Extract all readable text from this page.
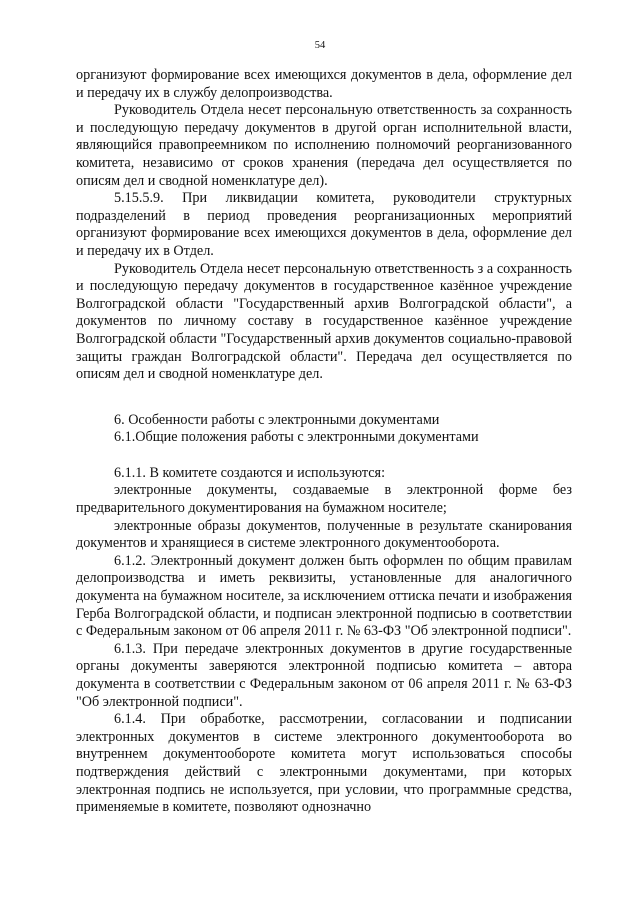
54

организуют формирование всех имеющихся документов в дела, оформление дел и передачу их в службу делопроизводства.

Руководитель Отдела несет персональную ответственность за сохранность и последующую передачу документов в другой орган исполнительной власти, являющийся правопреемником по исполнению полномочий реорганизованного комитета, независимо от сроков хранения (передача дел осуществляется по описям дел и сводной номенклатуре дел).

5.15.5.9. При ликвидации комитета, руководители структурных подразделений в период проведения реорганизационных мероприятий организуют формирование всех имеющихся документов в дела, оформление дел и передачу их в Отдел.

Руководитель Отдела несет персональную ответственность з а сохранность и последующую передачу документов в государственное казённое учреждение Волгоградской области "Государственный архив Волгоградской области", а документов по личному составу в государственное казённое учреждение Волгоградской области "Государственный архив документов социально-правовой защиты граждан Волгоградской области". Передача дел осуществляется по описям дел и сводной номенклатуре дел.

6. Особенности работы с электронными документами

6.1.Общие положения работы с электронными документами

6.1.1. В комитете создаются и используются:

электронные документы, создаваемые в электронной форме без предварительного документирования на бумажном носителе;

электронные образы документов, полученные в результате сканирования документов и хранящиеся в системе электронного документооборота.

6.1.2. Электронный документ должен быть оформлен по общим правилам делопроизводства и иметь реквизиты, установленные для аналогичного документа на бумажном носителе, за исключением оттиска печати и изображения Герба Волгоградской области, и подписан электронной подписью в соответствии с Федеральным законом от 06 апреля 2011 г. № 63-ФЗ "Об электронной подписи".

6.1.3. При передаче электронных документов в другие государственные органы документы заверяются электронной подписью комитета – автора документа в соответствии с Федеральным законом от 06 апреля 2011 г. № 63-ФЗ "Об электронной подписи".

6.1.4. При обработке, рассмотрении, согласовании и подписании электронных документов в системе электронного документооборота во внутреннем документообороте комитета могут использоваться способы подтверждения действий с электронными документами, при которых электронная подпись не используется, при условии, что программные средства, применяемые в комитете, позволяют однозначно
